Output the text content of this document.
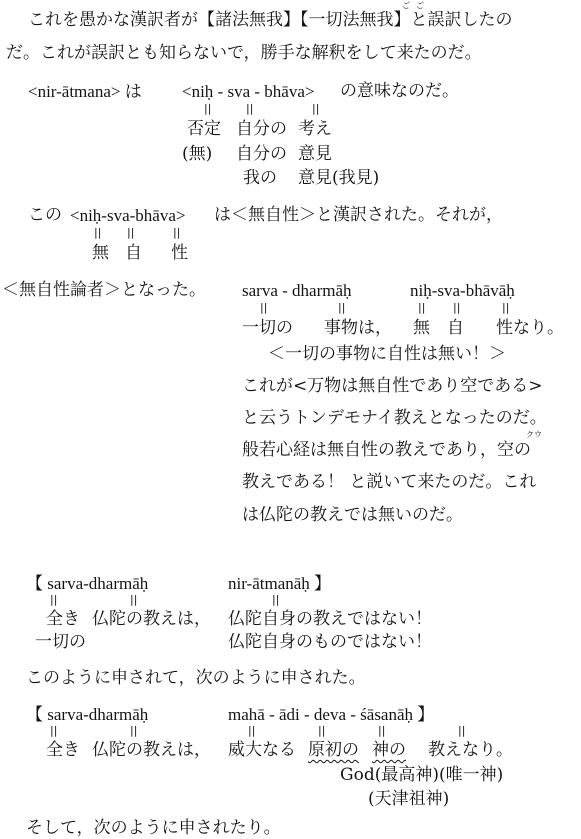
ご ご
これを愚かな漢訳者が【諸法無我】【一切法無我】と誤訳したの
だ。これが誤訳とも知らないで，勝手な解釈をして来たのだ。
<nir-ātmana> は <niḥ - sva - bhāva> の意味なのだ。
||	||	||
否定 自分の 考え
(無) 自分の 意見
我の 意見(我見)
この <niḥ-sva-bhāva> は＜無自性＞と漢訳された。それが，
|| ||	||
無 自 性
＜無自性論者＞となった。 sarva - dharmāḥ	niḥ-sva-bhāvāḥ
||	||	||	||	||
一切の 事物は， 無 自 性なり。
＜一切の事物に自性は無い！＞
これが<万物は無自性であり空である>
と云うトンデモナイ教えとなったのだ。
クウ
般若心経は無自性の教えであり，空の
教えである！ と説いて来たのだ。これ
は仏陀の教えでは無いのだ。
【 sarva-dharmāḥ	nir-ātmanāḥ 】
||	||	||
全き 仏陀の教えは， 仏陀自身の教えではない！
一切の	仏陀自身のものではない！
このように申されて，次のように申された。
【 sarva-dharmāḥ	mahā - ādi - deva - śāsanāḥ 】
||	||	||	||	||	||
全き 仏陀の教えは， 威大なる 原初の 神の 教えなり。
God(最高神)(唯一神)
(天津祖神)
そして，次のように申されたり。
